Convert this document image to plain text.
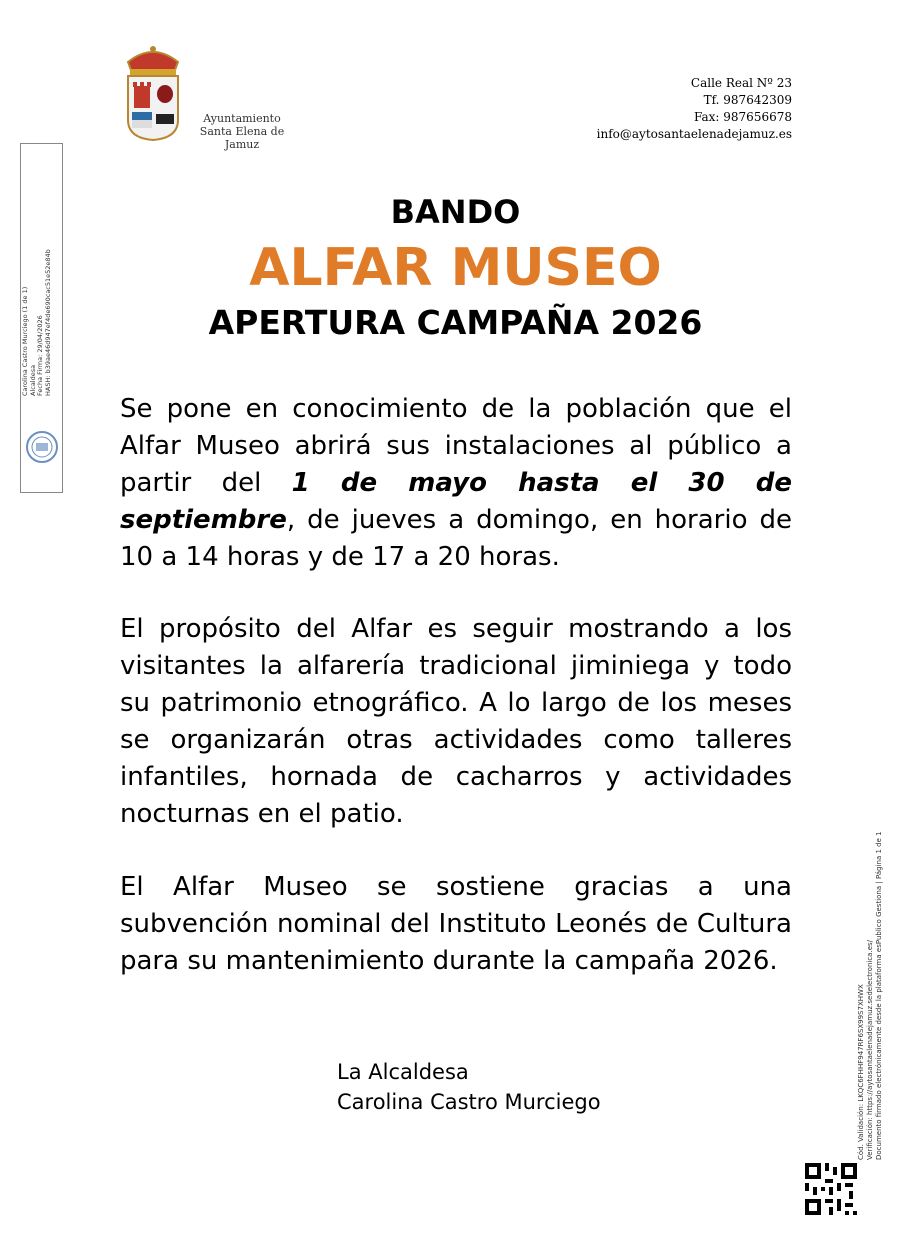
Ayuntamiento
Santa Elena de Jamuz
Calle Real Nº 23
Tf. 987642309
Fax: 987656678
info@aytosantaelenadejamuz.es
Carolina Castro Murciego (1 de 1) Alcaldesa Fecha Firma: 29/04/2026 HASH: b39ae46d947ef4de690cac51e52e84b
BANDO
ALFAR MUSEO
APERTURA CAMPAÑA 2026

Se pone en conocimiento de la población que el Alfar Museo abrirá sus instalaciones al público a partir del 1 de mayo hasta el 30 de septiembre, de jueves a domingo, en horario de 10 a 14 horas y de 17 a 20 horas.

El propósito del Alfar es seguir mostrando a los visitantes la alfarería tradicional jiminiega y todo su patrimonio etnográfico. A lo largo de los meses se organizarán otras actividades como talleres infantiles, hornada de cacharros y actividades nocturnas en el patio.

El Alfar Museo se sostiene gracias a una subvención nominal del Instituto Leonés de Cultura para su mantenimiento durante la campaña 2026.

La Alcaldesa
Carolina Castro Murciego	Cód. Validación: LKQC6FHHF947RF6SX99S7XHWX Verificación: https://aytosantaelenadejamuz.sedelectronica.es/ Documento firmado electrónicamente desde la plataforma esPublico Gestiona | Página 1 de 1
